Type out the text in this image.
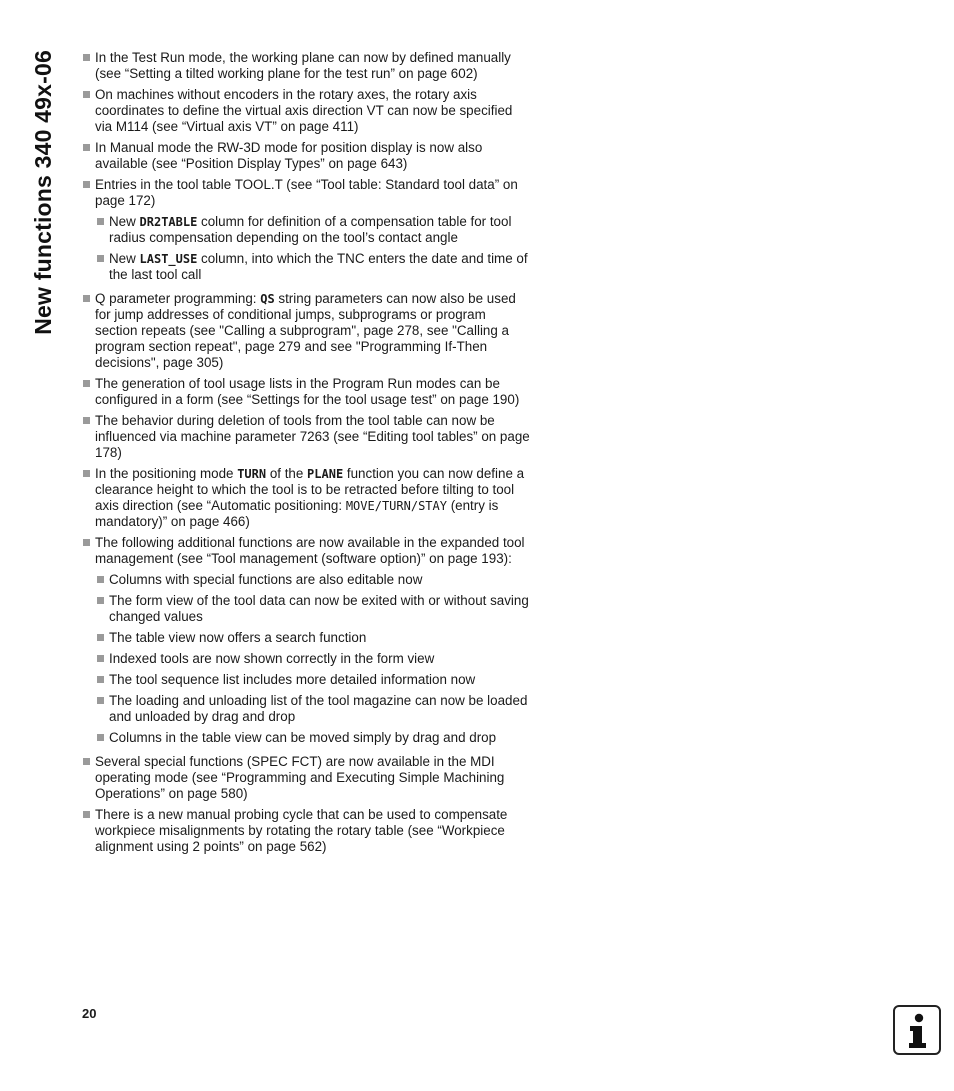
New functions 340 49x-06	In the Test Run mode, the working plane can now by defined manually (see “Setting a tilted working plane for the test run” on page 602)
On machines without encoders in the rotary axes, the rotary axis coordinates to define the virtual axis direction VT can now be specified via M114 (see “Virtual axis VT” on page 411)
In Manual mode the RW-3D mode for position display is now also available (see “Position Display Types” on page 643)
Entries in the tool table TOOL.T (see “Tool table: Standard tool data” on page 172)
New DR2TABLE column for definition of a compensation table for tool radius compensation depending on the tool’s contact angle
New LAST_USE column, into which the TNC enters the date and time of the last tool call
Q parameter programming: QS string parameters can now also be used for jump addresses of conditional jumps, subprograms or program section repeats (see "Calling a subprogram", page 278, see "Calling a program section repeat", page 279 and see "Programming If-Then decisions", page 305)
The generation of tool usage lists in the Program Run modes can be configured in a form (see “Settings for the tool usage test” on page 190)
The behavior during deletion of tools from the tool table can now be influenced via machine parameter 7263 (see “Editing tool tables” on page 178)
In the positioning mode TURN of the PLANE function you can now define a clearance height to which the tool is to be retracted before tilting to tool axis direction (see “Automatic positioning: MOVE/TURN/STAY (entry is mandatory)” on page 466)
The following additional functions are now available in the expanded tool management (see “Tool management (software option)” on page 193):
Columns with special functions are also editable now
The form view of the tool data can now be exited with or without saving changed values
The table view now offers a search function
Indexed tools are now shown correctly in the form view
The tool sequence list includes more detailed information now
The loading and unloading list of the tool magazine can now be loaded and unloaded by drag and drop
Columns in the table view can be moved simply by drag and drop
Several special functions (SPEC FCT) are now available in the MDI operating mode (see “Programming and Executing Simple Machining Operations” on page 580)
There is a new manual probing cycle that can be used to compensate workpiece misalignments by rotating the rotary table (see “Workpiece alignment using 2 points” on page 562)
20
